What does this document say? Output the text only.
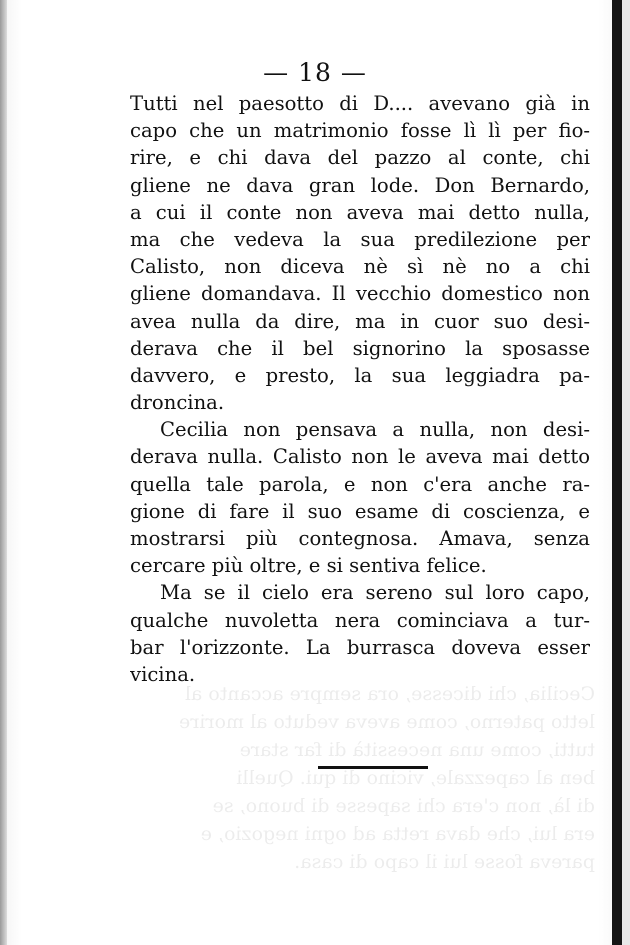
— 18 —
Tutti nel paesotto di D.... avevano già in
capo che un matrimonio fosse lì lì per fio-
rire, e chi dava del pazzo al conte, chi
gliene ne dava gran lode. Don Bernardo,
a cui il conte non aveva mai detto nulla,
ma che vedeva la sua predilezione per
Calisto, non diceva nè sì nè no a chi
gliene domandava. Il vecchio domestico non
avea nulla da dire, ma in cuor suo desi-
derava che il bel signorino la sposasse
davvero, e presto, la sua leggiadra pa-
droncina.
Cecilia non pensava a nulla, non desi-
derava nulla. Calisto non le aveva mai detto
quella tale parola, e non c'era anche ra-
gione di fare il suo esame di coscienza, e
mostrarsi più contegnosa. Amava, senza
cercare più oltre, e si sentiva felice.
Ma se il cielo era sereno sul loro capo,
qualche nuvoletta nera cominciava a tur-
bar l'orizzonte. La burrasca doveva esser
vicina.
Cecilia, chi dicesse, ora sempre accanto al
letto paterno, come aveva veduto al morire
tutti, come una necessità di far stare
ben al capezzale, vicino di qui. Quelli
di là, non c'era chi sapesse di buono, se
era lui, che dava retta ad ogni negozio, e
pareva fosse lui il capo di casa.
